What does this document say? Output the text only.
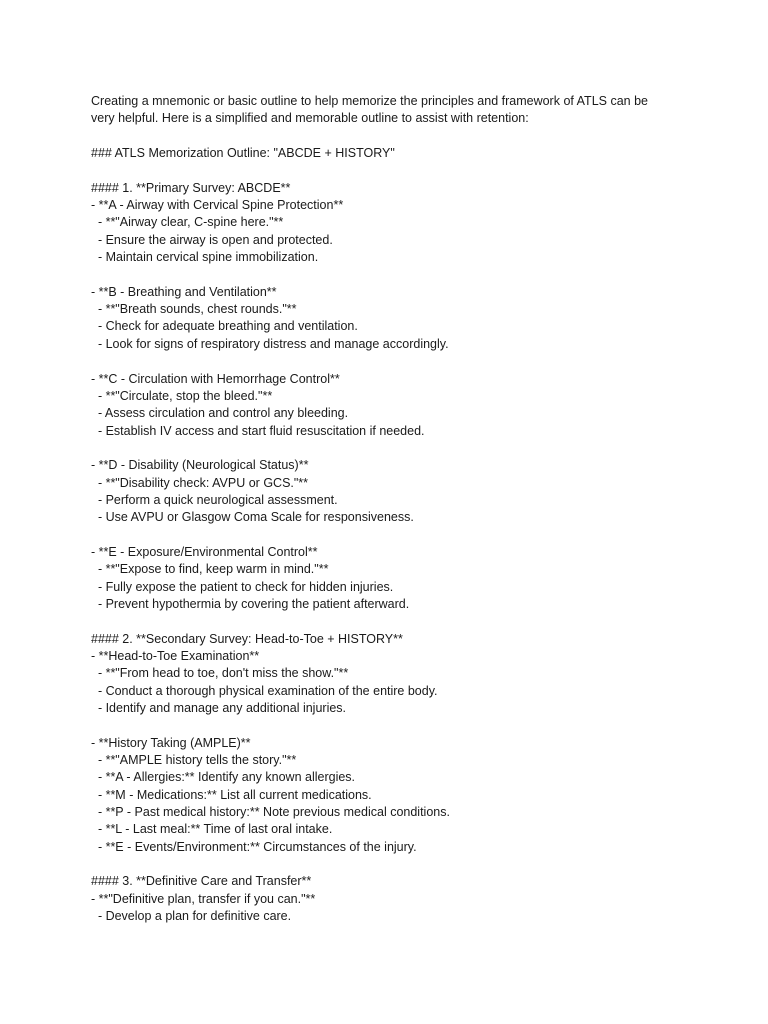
Creating a mnemonic or basic outline to help memorize the principles and framework of ATLS can be
very helpful. Here is a simplified and memorable outline to assist with retention:
### ATLS Memorization Outline: "ABCDE + HISTORY"
#### 1. **Primary Survey: ABCDE**
- **A - Airway with Cervical Spine Protection**
- **"Airway clear, C-spine here."**
- Ensure the airway is open and protected.
- Maintain cervical spine immobilization.
- **B - Breathing and Ventilation**
- **"Breath sounds, chest rounds."**
- Check for adequate breathing and ventilation.
- Look for signs of respiratory distress and manage accordingly.
- **C - Circulation with Hemorrhage Control**
- **"Circulate, stop the bleed."**
- Assess circulation and control any bleeding.
- Establish IV access and start fluid resuscitation if needed.
- **D - Disability (Neurological Status)**
- **"Disability check: AVPU or GCS."**
- Perform a quick neurological assessment.
- Use AVPU or Glasgow Coma Scale for responsiveness.
- **E - Exposure/Environmental Control**
- **"Expose to find, keep warm in mind."**
- Fully expose the patient to check for hidden injuries.
- Prevent hypothermia by covering the patient afterward.
#### 2. **Secondary Survey: Head-to-Toe + HISTORY**
- **Head-to-Toe Examination**
- **"From head to toe, don't miss the show."**
- Conduct a thorough physical examination of the entire body.
- Identify and manage any additional injuries.
- **History Taking (AMPLE)**
- **"AMPLE history tells the story."**
- **A - Allergies:** Identify any known allergies.
- **M - Medications:** List all current medications.
- **P - Past medical history:** Note previous medical conditions.
- **L - Last meal:** Time of last oral intake.
- **E - Events/Environment:** Circumstances of the injury.
#### 3. **Definitive Care and Transfer**
- **"Definitive plan, transfer if you can."**
- Develop a plan for definitive care.
